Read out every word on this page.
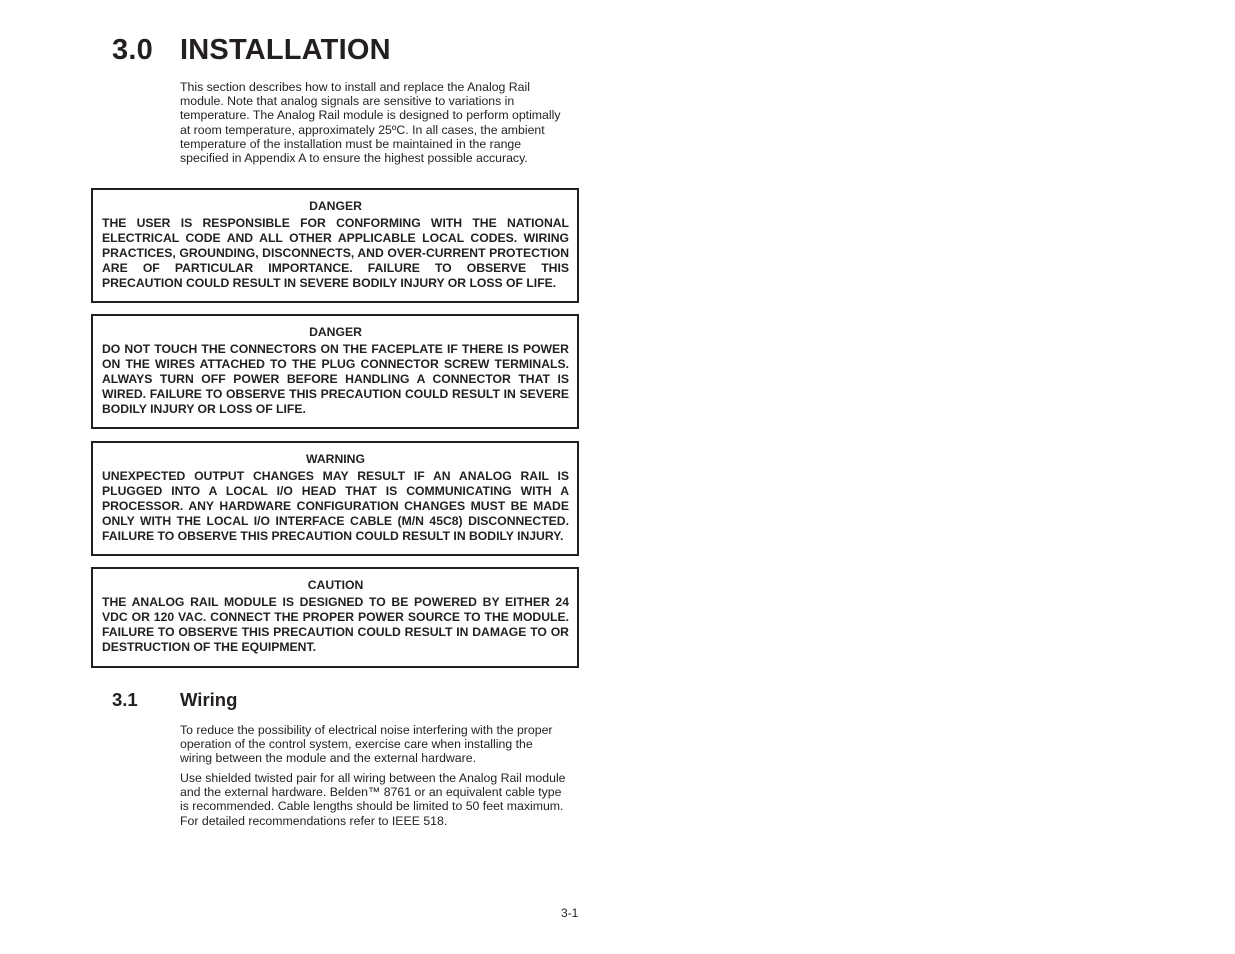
3.0 INSTALLATION
This section describes how to install and replace the Analog Rail module. Note that analog signals are sensitive to variations in temperature. The Analog Rail module is designed to perform optimally at room temperature, approximately 25ºC. In all cases, the ambient temperature of the installation must be maintained in the range specified in Appendix A to ensure the highest possible accuracy.
DANGER
THE USER IS RESPONSIBLE FOR CONFORMING WITH THE NATIONAL ELECTRICAL CODE AND ALL OTHER APPLICABLE LOCAL CODES. WIRING PRACTICES, GROUNDING, DISCONNECTS, AND OVER-CURRENT PROTECTION ARE OF PARTICULAR IMPORTANCE. FAILURE TO OBSERVE THIS PRECAUTION COULD RESULT IN SEVERE BODILY INJURY OR LOSS OF LIFE.
DANGER
DO NOT TOUCH THE CONNECTORS ON THE FACEPLATE IF THERE IS POWER ON THE WIRES ATTACHED TO THE PLUG CONNECTOR SCREW TERMINALS. ALWAYS TURN OFF POWER BEFORE HANDLING A CONNECTOR THAT IS WIRED. FAILURE TO OBSERVE THIS PRECAUTION COULD RESULT IN SEVERE BODILY INJURY OR LOSS OF LIFE.
WARNING
UNEXPECTED OUTPUT CHANGES MAY RESULT IF AN ANALOG RAIL IS PLUGGED INTO A LOCAL I/O HEAD THAT IS COMMUNICATING WITH A PROCESSOR. ANY HARDWARE CONFIGURATION CHANGES MUST BE MADE ONLY WITH THE LOCAL I/O INTERFACE CABLE (M/N 45C8) DISCONNECTED. FAILURE TO OBSERVE THIS PRECAUTION COULD RESULT IN BODILY INJURY.
CAUTION
THE ANALOG RAIL MODULE IS DESIGNED TO BE POWERED BY EITHER 24 VDC OR 120 VAC. CONNECT THE PROPER POWER SOURCE TO THE MODULE. FAILURE TO OBSERVE THIS PRECAUTION COULD RESULT IN DAMAGE TO OR DESTRUCTION OF THE EQUIPMENT.
3.1 Wiring
To reduce the possibility of electrical noise interfering with the proper operation of the control system, exercise care when installing the wiring between the module and the external hardware.
Use shielded twisted pair for all wiring between the Analog Rail module and the external hardware. Belden™ 8761 or an equivalent cable type is recommended. Cable lengths should be limited to 50 feet maximum. For detailed recommendations refer to IEEE 518.
3-1
